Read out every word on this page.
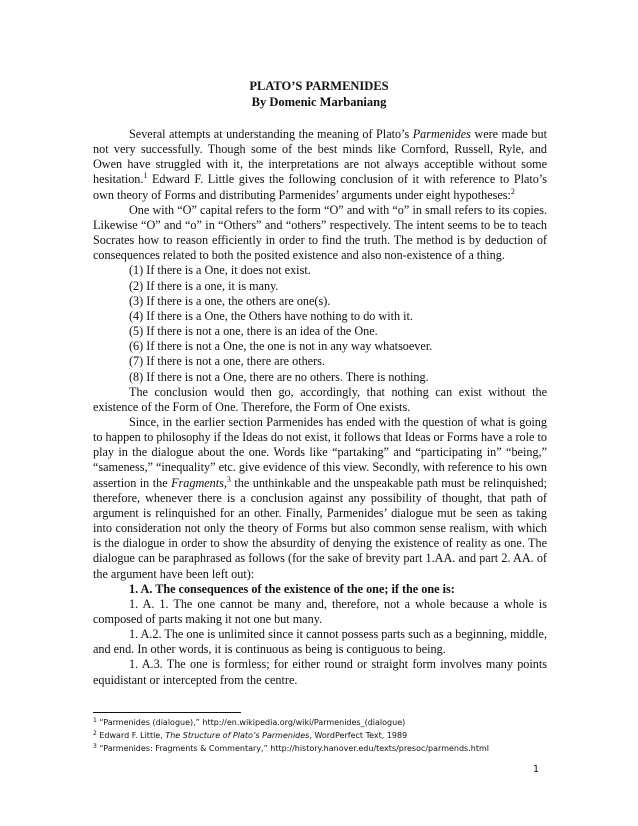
PLATO’S PARMENIDES
By Domenic Marbaniang

Several attempts at understanding the meaning of Plato’s Parmenides were made but not very successfully. Though some of the best minds like Cornford, Russell, Ryle, and Owen have struggled with it, the interpretations are not always acceptible without some hesitation.$^1$ Edward F. Little gives the following conclusion of it with reference to Plato’s own theory of Forms and distributing Parmenides’ arguments under eight hypotheses:$^2$

One with “O” capital refers to the form “O” and with “o” in small refers to its copies. Likewise “O” and “o” in “Others” and “others” respectively. The intent seems to be to teach Socrates how to reason efficiently in order to find the truth. The method is by deduction of consequences related to both the posited existence and also non-existence of a thing.

(1) If there is a One, it does not exist.

(2) If there is a one, it is many.

(3) If there is a one, the others are one(s).

(4) If there is a One, the Others have nothing to do with it.

(5) If there is not a one, there is an idea of the One.

(6) If there is not a One, the one is not in any way whatsoever.

(7) If there is not a one, there are others.

(8) If there is not a One, there are no others. There is nothing.

The conclusion would then go, accordingly, that nothing can exist without the existence of the Form of One. Therefore, the Form of One exists.

Since, in the earlier section Parmenides has ended with the question of what is going to happen to philosophy if the Ideas do not exist, it follows that Ideas or Forms have a role to play in the dialogue about the one. Words like “partaking” and “participating in” “being,” “sameness,” “inequality” etc. give evidence of this view. Secondly, with reference to his own assertion in the Fragments,$^3$ the unthinkable and the unspeakable path must be relinquished; therefore, whenever there is a conclusion against any possibility of thought, that path of argument is relinquished for an other. Finally, Parmenides’ dialogue mut be seen as taking into consideration not only the theory of Forms but also common sense realism, with which is the dialogue in order to show the absurdity of denying the existence of reality as one. The dialogue can be paraphrased as follows (for the sake of brevity part 1.AA. and part 2. AA. of the argument have been left out):

1. A. The consequences of the existence of the one; if the one is:

1. A. 1. The one cannot be many and, therefore, not a whole because a whole is composed of parts making it not one but many.

1. A.2. The one is unlimited since it cannot possess parts such as a beginning, middle, and end. In other words, it is continuous as being is contiguous to being.

1. A.3. The one is formless; for either round or straight form involves many points equidistant or intercepted from the centre.

$^1$ “Parmenides (dialogue),” http://en.wikipedia.org/wiki/Parmenides_(dialogue)

$^2$ Edward F. Little, The Structure of Plato’s Parmenides, WordPerfect Text, 1989

$^3$ “Parmenides: Fragments & Commentary,” http://history.hanover.edu/texts/presoc/parmends.html

1
